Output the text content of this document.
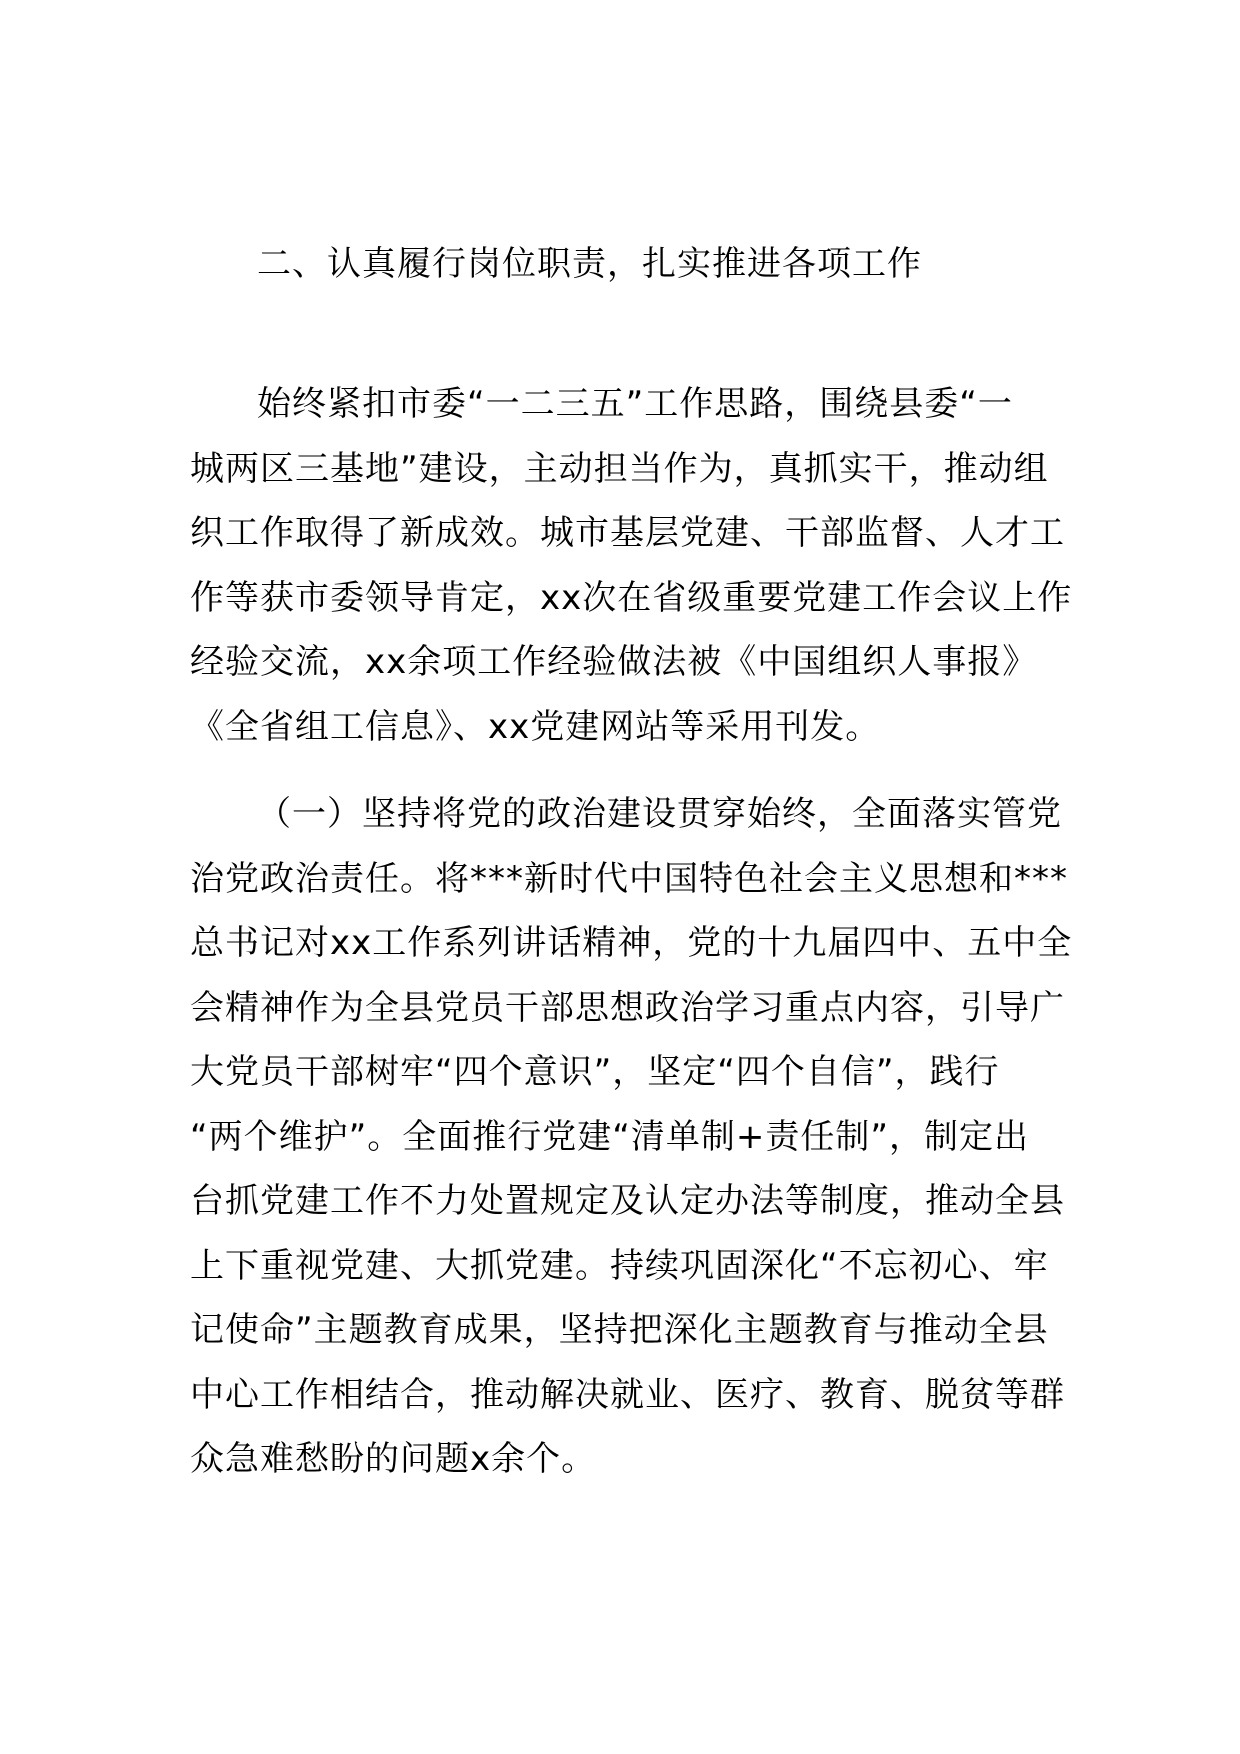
二、认真履行岗位职责，扎实推进各项工作
始终紧扣市委“一二三五”工作思路，围绕县委“一
城两区三基地”建设，主动担当作为，真抓实干，推动组
织工作取得了新成效。城市基层党建、干部监督、人才工
作等获市委领导肯定，xx次在省级重要党建工作会议上作
经验交流，xx余项工作经验做法被《中国组织人事报》
《全省组工信息》、xx党建网站等采用刊发。
（一）坚持将党的政治建设贯穿始终，全面落实管党
治党政治责任。将***新时代中国特色社会主义思想和***
总书记对xx工作系列讲话精神，党的十九届四中、五中全
会精神作为全县党员干部思想政治学习重点内容，引导广
大党员干部树牢“四个意识”，坚定“四个自信”，践行
“两个维护”。全面推行党建“清单制+责任制”，制定出
台抓党建工作不力处置规定及认定办法等制度，推动全县
上下重视党建、大抓党建。持续巩固深化“不忘初心、牢
记使命”主题教育成果，坚持把深化主题教育与推动全县
中心工作相结合，推动解决就业、医疗、教育、脱贫等群
众急难愁盼的问题x余个。
